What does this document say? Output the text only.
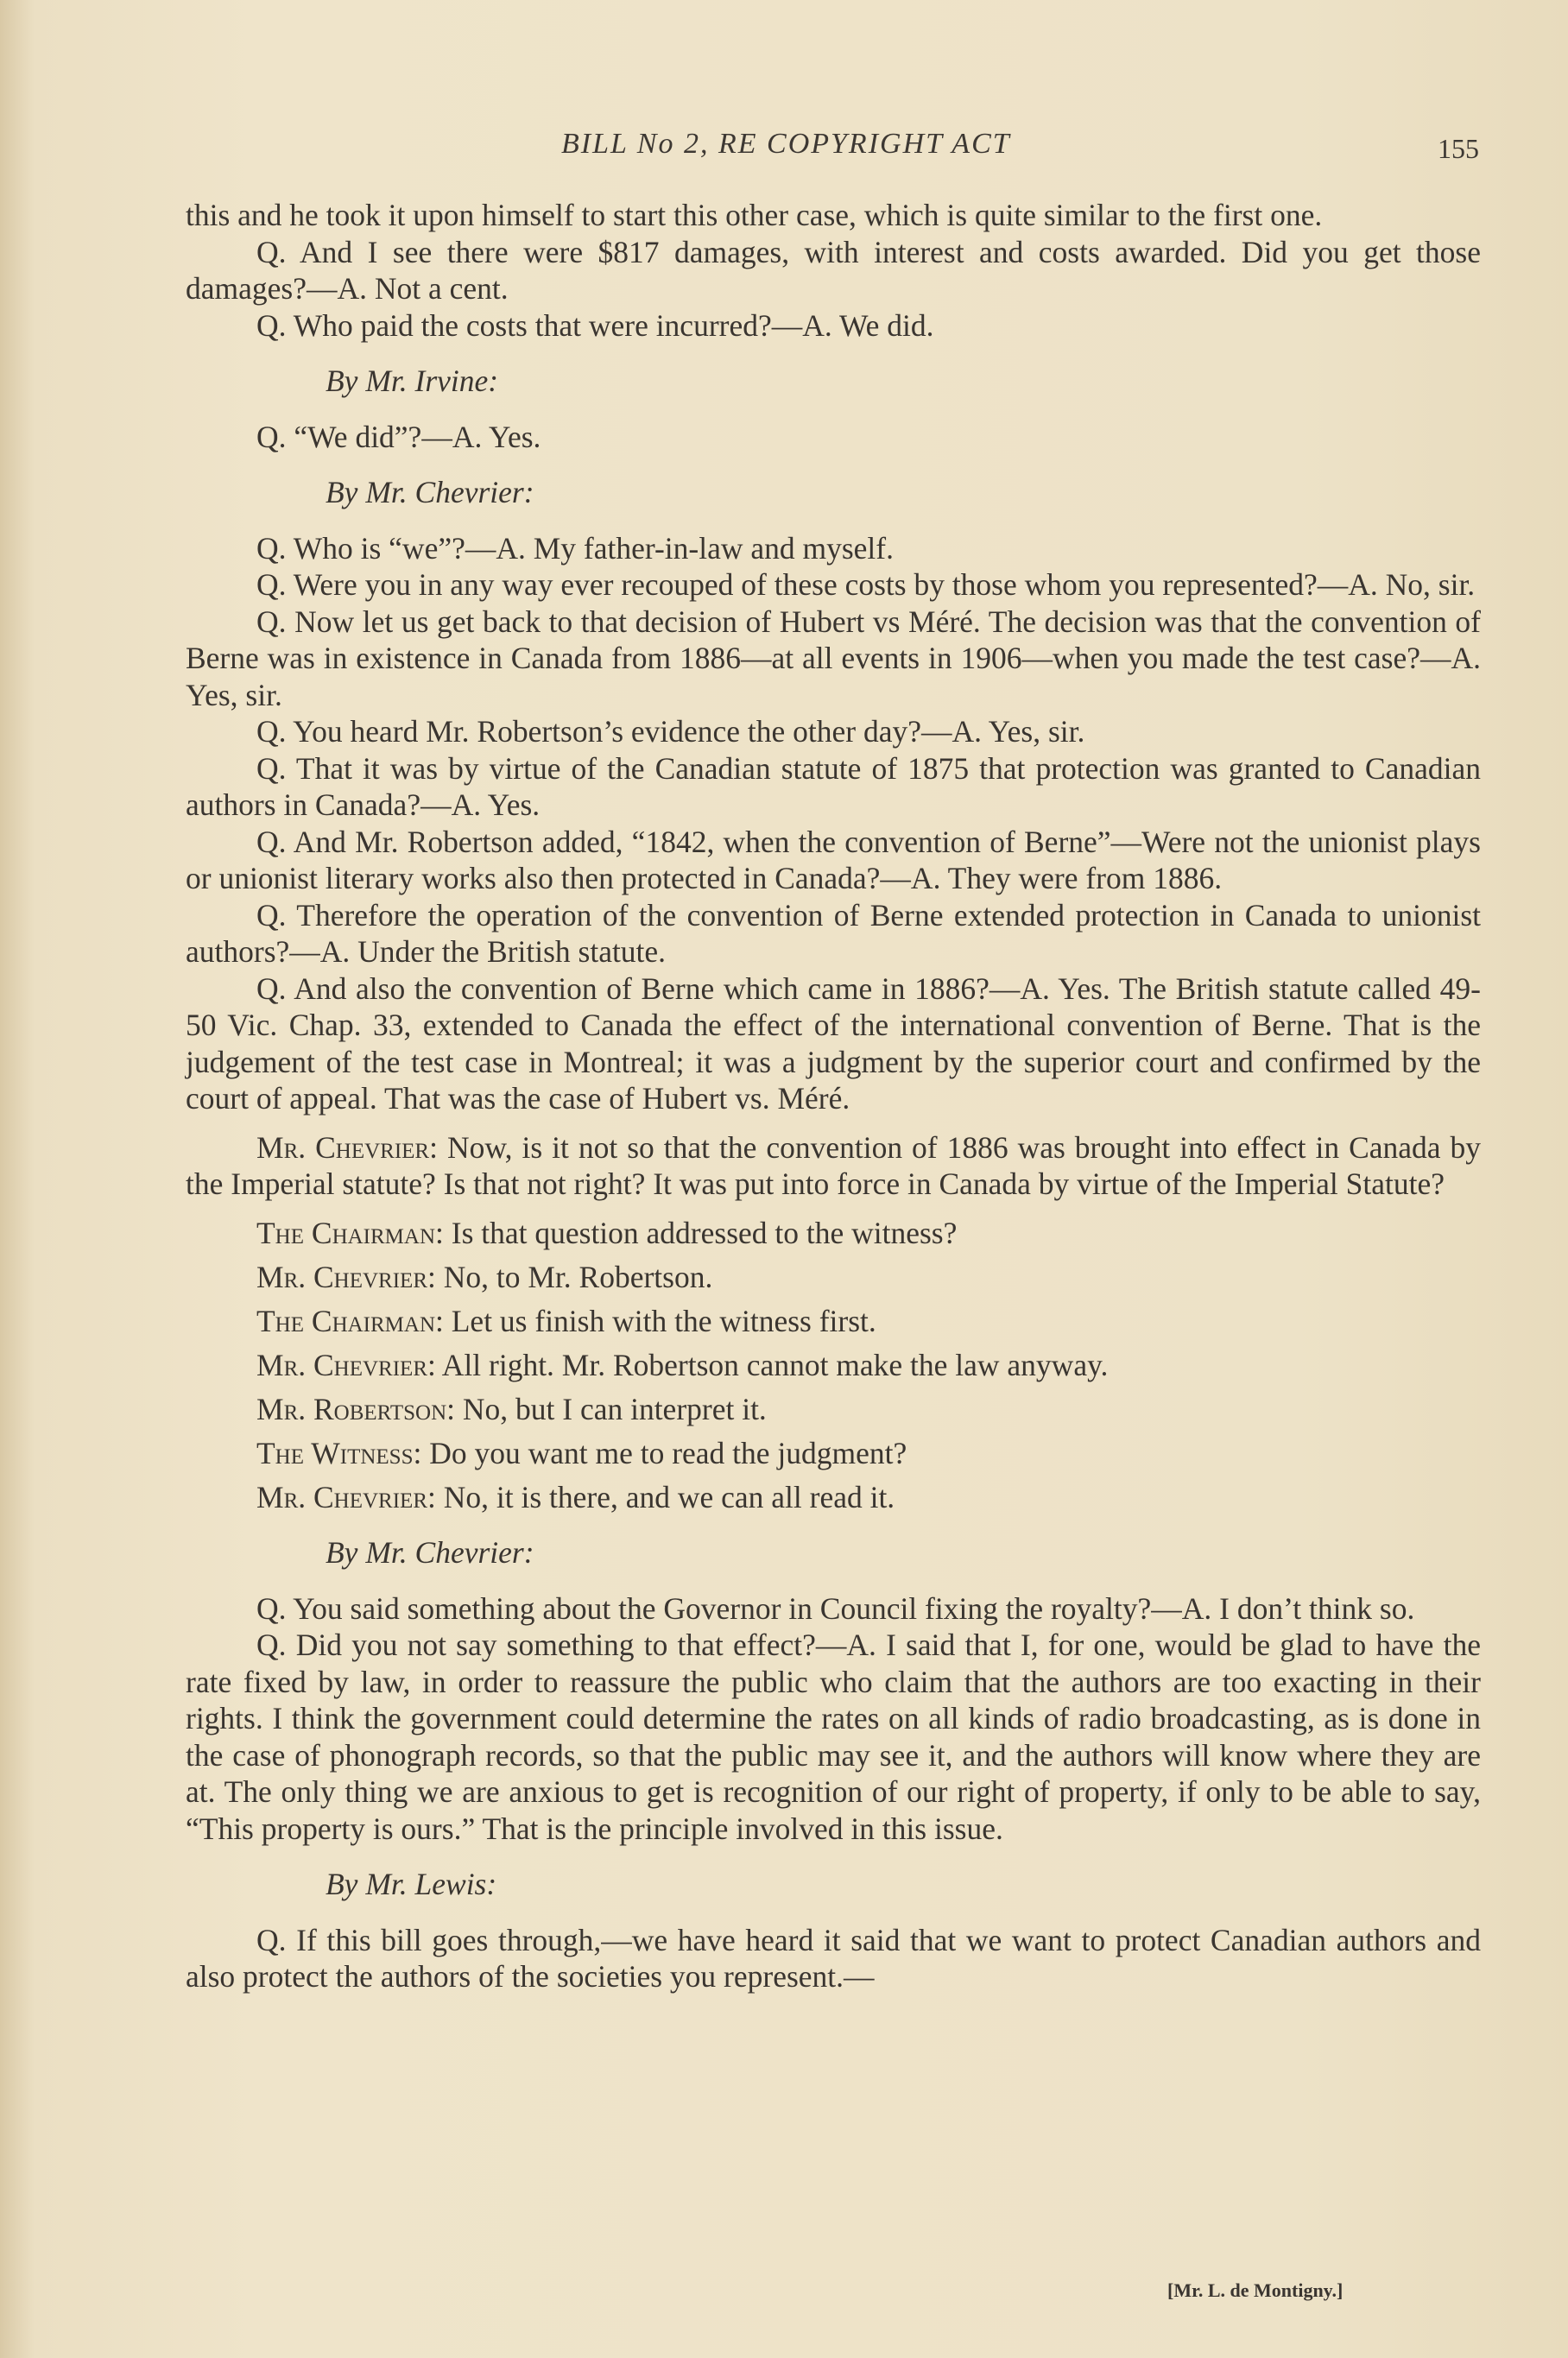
BILL No 2, RE COPYRIGHT ACT	155

this and he took it upon himself to start this other case, which is quite similar to the first one.

Q. And I see there were $817 damages, with interest and costs awarded. Did you get those damages?—A. Not a cent.

Q. Who paid the costs that were incurred?—A. We did.

By Mr. Irvine:

Q. “We did”?—A. Yes.

By Mr. Chevrier:

Q. Who is “we”?—A. My father-in-law and myself.

Q. Were you in any way ever recouped of these costs by those whom you represented?—A. No, sir.

Q. Now let us get back to that decision of Hubert vs Méré. The decision was that the convention of Berne was in existence in Canada from 1886—at all events in 1906—when you made the test case?—A. Yes, sir.

Q. You heard Mr. Robertson’s evidence the other day?—A. Yes, sir.

Q. That it was by virtue of the Canadian statute of 1875 that protection was granted to Canadian authors in Canada?—A. Yes.

Q. And Mr. Robertson added, “1842, when the convention of Berne”—Were not the unionist plays or unionist literary works also then protected in Canada?—A. They were from 1886.

Q. Therefore the operation of the convention of Berne extended protection in Canada to unionist authors?—A. Under the British statute.

Q. And also the convention of Berne which came in 1886?—A. Yes. The British statute called 49-50 Vic. Chap. 33, extended to Canada the effect of the international convention of Berne. That is the judgement of the test case in Montreal; it was a judgment by the superior court and confirmed by the court of appeal. That was the case of Hubert vs. Méré.

Mr. Chevrier: Now, is it not so that the convention of 1886 was brought into effect in Canada by the Imperial statute? Is that not right? It was put into force in Canada by virtue of the Imperial Statute?

The Chairman: Is that question addressed to the witness?

Mr. Chevrier: No, to Mr. Robertson.

The Chairman: Let us finish with the witness first.

Mr. Chevrier: All right. Mr. Robertson cannot make the law anyway.

Mr. Robertson: No, but I can interpret it.

The Witness: Do you want me to read the judgment?

Mr. Chevrier: No, it is there, and we can all read it.

By Mr. Chevrier:

Q. You said something about the Governor in Council fixing the royalty?—A. I don’t think so.

Q. Did you not say something to that effect?—A. I said that I, for one, would be glad to have the rate fixed by law, in order to reassure the public who claim that the authors are too exacting in their rights. I think the government could determine the rates on all kinds of radio broadcasting, as is done in the case of phonograph records, so that the public may see it, and the authors will know where they are at. The only thing we are anxious to get is recognition of our right of property, if only to be able to say, “This property is ours.” That is the principle involved in this issue.

By Mr. Lewis:

Q. If this bill goes through,—we have heard it said that we want to protect Canadian authors and also protect the authors of the societies you represent.—

[Mr. L. de Montigny.]
